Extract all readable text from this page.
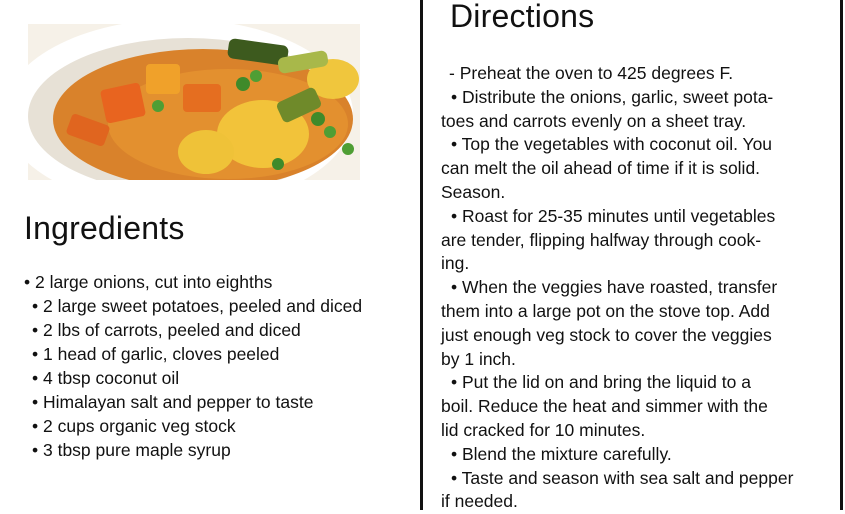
Ingredients
• 2 large onions, cut into eighths
• 2 large sweet potatoes, peeled and diced
• 2 lbs of carrots, peeled and diced
• 1 head of garlic, cloves peeled
• 4 tbsp coconut oil
• Himalayan salt and pepper to taste
• 2 cups organic veg stock
• 3 tbsp pure maple syrup
Directions
- Preheat the oven to 425 degrees F.
• Distribute the onions, garlic, sweet pota-
toes and carrots evenly on a sheet tray.
• Top the vegetables with coconut oil. You
can melt the oil ahead of time if it is solid.
Season.
• Roast for 25-35 minutes until vegetables
are tender, flipping halfway through cook-
ing.
• When the veggies have roasted, transfer
them into a large pot on the stove top. Add
just enough veg stock to cover the veggies
by 1 inch.
• Put the lid on and bring the liquid to a
boil. Reduce the heat and simmer with the
lid cracked for 10 minutes.
• Blend the mixture carefully.
• Taste and season with sea salt and pepper
if needed.
